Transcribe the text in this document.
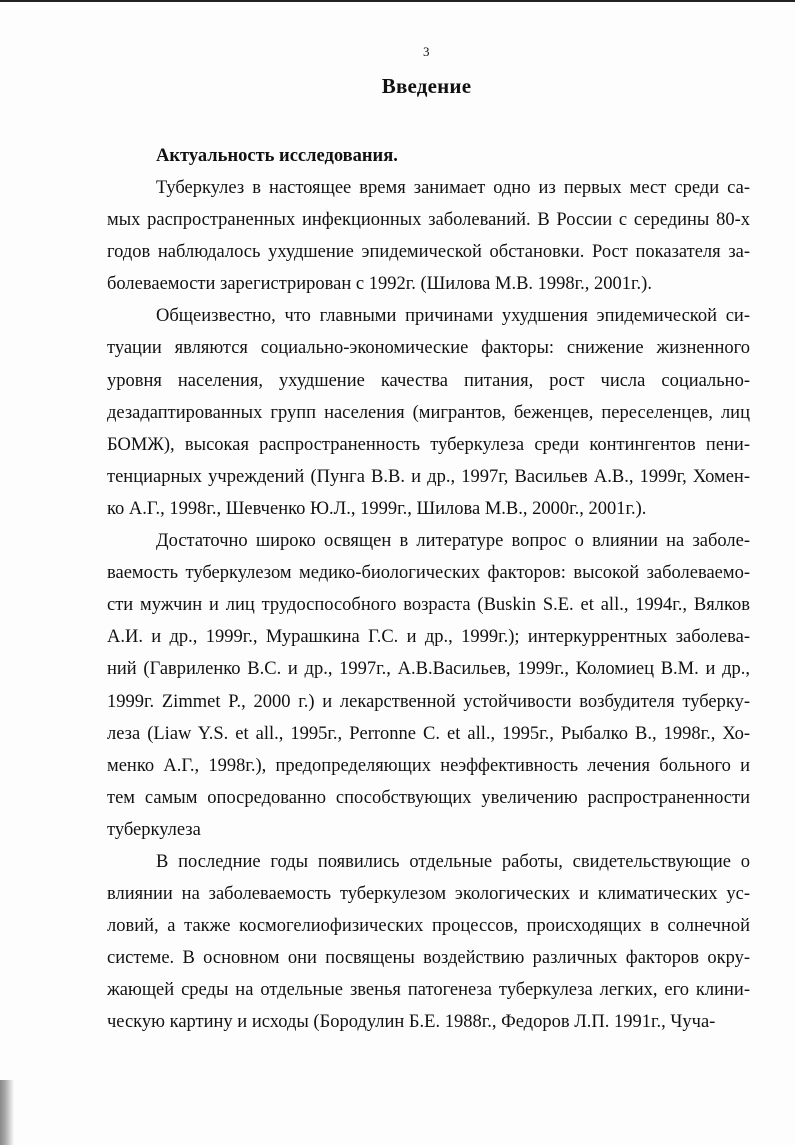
3
Введение
Актуальность исследования.
Туберкулез в настоящее время занимает одно из первых мест среди са-
мых распространенных инфекционных заболеваний. В России с середины 80-х
годов наблюдалось ухудшение эпидемической обстановки. Рост показателя за-
болеваемости зарегистрирован с 1992г. (Шилова М.В. 1998г., 2001г.).
Общеизвестно, что главными причинами ухудшения эпидемической си-
туации являются социально-экономические факторы: снижение жизненного
уровня населения, ухудшение качества питания, рост числа социально-
дезадаптированных групп населения (мигрантов, беженцев, переселенцев, лиц
БОМЖ), высокая распространенность туберкулеза среди контингентов пени-
тенциарных учреждений (Пунга В.В. и др., 1997г, Васильев А.В., 1999г, Хомен-
ко А.Г., 1998г., Шевченко Ю.Л., 1999г., Шилова М.В., 2000г., 2001г.).
Достаточно широко освящен в литературе вопрос о влиянии на заболе-
ваемость туберкулезом медико-биологических факторов: высокой заболеваемо-
сти мужчин и лиц трудоспособного возраста (Buskin S.E. et all., 1994г., Вялков
А.И. и др., 1999г., Мурашкина Г.С. и др., 1999г.); интеркуррентных заболева-
ний (Гавриленко В.С. и др., 1997г., А.В.Васильев, 1999г., Коломиец В.М. и др.,
1999г. Zimmet P., 2000 г.) и лекарственной устойчивости возбудителя туберку-
леза (Liaw Y.S. et all., 1995г., Perronne C. et all., 1995г., Рыбалко В., 1998г., Хо-
менко А.Г., 1998г.), предопределяющих неэффективность лечения больного и
тем самым опосредованно способствующих увеличению распространенности
туберкулеза
В последние годы появились отдельные работы, свидетельствующие о
влиянии на заболеваемость туберкулезом экологических и климатических ус-
ловий, а также космогелиофизических процессов, происходящих в солнечной
системе. В основном они посвящены воздействию различных факторов окру-
жающей среды на отдельные звенья патогенеза туберкулеза легких, его клини-
ческую картину и исходы (Бородулин Б.Е. 1988г., Федоров Л.П. 1991г., Чуча-
